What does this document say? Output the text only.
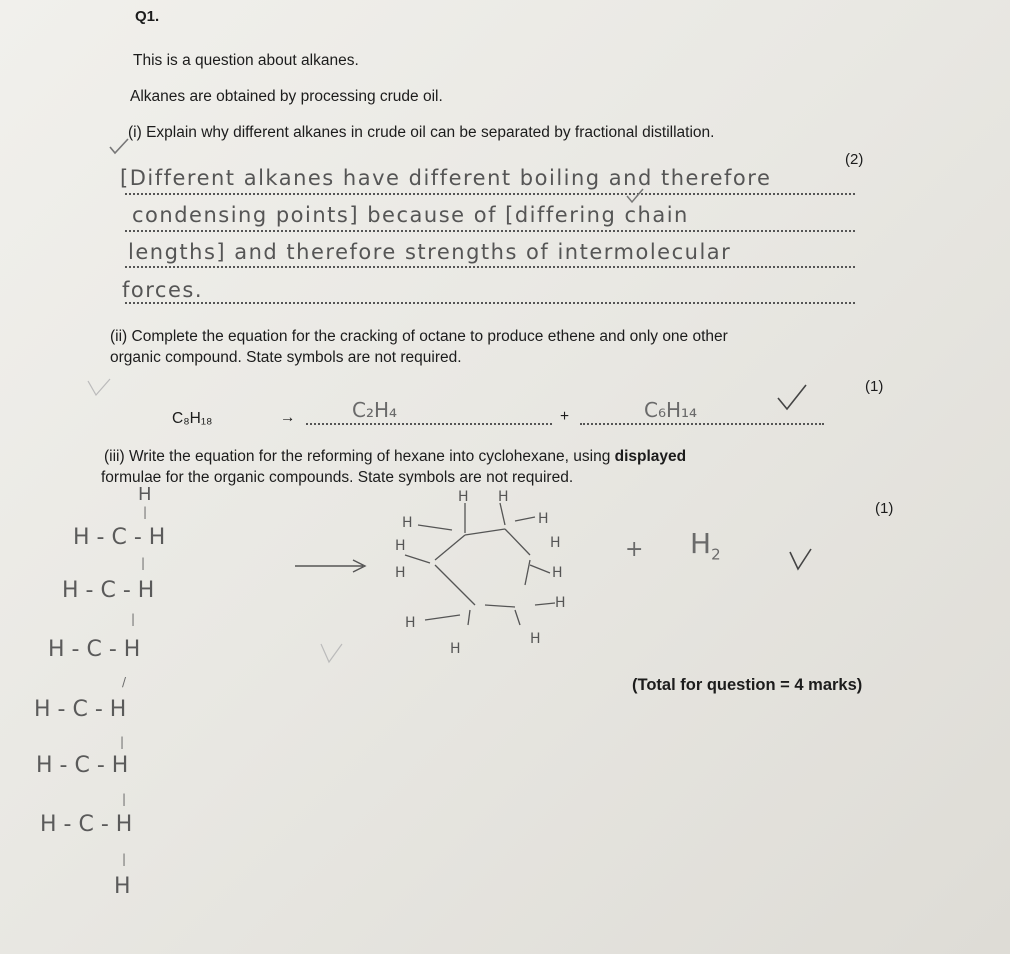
Q1.
This is a question about alkanes.
Alkanes are obtained by processing crude oil.
(i) Explain why different alkanes in crude oil can be separated by fractional distillation.
(2)
[Different alkanes have different boiling and therefore
condensing points] because of [differing chain
lengths] and therefore strengths of intermolecular
forces.
(ii) Complete the equation for the cracking of octane to produce ethene and only one other
organic compound. State symbols are not required.
(1)
C₈H₁₈	→	C₂H₄	+	C₆H₁₄
(iii) Write the equation for the reforming of hexane into cyclohexane, using displayed
formulae for the organic compounds. State symbols are not required.
(1)
H
|
H - C - H
|
H - C - H
|
H - C - H
/
H - C - H
|
H - C - H
|
H - C - H
|
H
H H
H	H
H	H
H	H
H
H
H
H
+ $H_2$
(Total for question = 4 marks)
